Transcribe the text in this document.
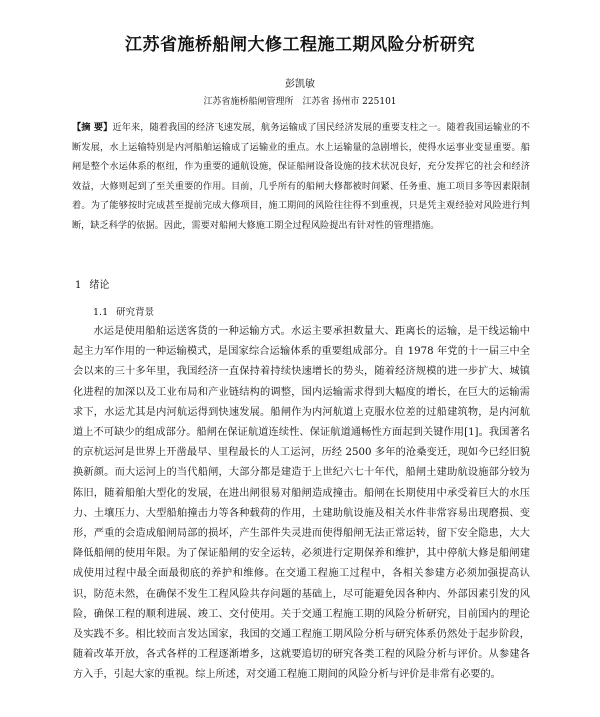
江苏省施桥船闸大修工程施工期风险分析研究
彭凯敏
江苏省施桥船闸管理所　江苏省 扬州市 225101
【摘 要】近年来，随着我国的经济飞速发展，航务运输成了国民经济发展的重要支柱之一。随着我国运输业的不断发展，水上运输特别是内河船舶运输成了运输业的重点。水上运输量的急剧增长，使得水运事业变显重要。船闸是整个水运体系的枢纽，作为重要的通航设施，保证船闸设备设施的技术状况良好，充分发挥它的社会和经济效益，大修则起到了至关重要的作用。目前，几乎所有的船闸大修都被时间紧、任务重、施工项目多等因素限制着。为了能够按时完成甚至提前完成大修项目，施工期间的风险往往得不到重视，只是凭主观经验对风险进行判断，缺乏科学的依据。因此，需要对船闸大修施工期全过程风险提出有针对性的管理措施。
1 绪论
1.1 研究背景

水运是使用船舶运送客货的一种运输方式。水运主要承担数量大、距离长的运输，是干线运输中起主力军作用的一种运输模式，是国家综合运输体系的重要组成部分。自 1978 年党的十一届三中全会以来的三十多年里，我国经济一直保持着持续快速增长的势头，随着经济规模的进一步扩大、城镇化进程的加深以及工业布局和产业链结构的调整，国内运输需求得到大幅度的增长，在巨大的运输需求下，水运尤其是内河航运得到快速发展。船闸作为内河航道上克服水位差的过船建筑物，是内河航道上不可缺少的组成部分。船闸在保证航道连续性、保证航道通畅性方面起到关键作用[1]。我国著名的京杭运河是世界上开凿最早、里程最长的人工运河，历经 2500 多年的沧桑变迁，现如今已经旧貌换新颜。而大运河上的当代船闸，大部分都是建造于上世纪六七十年代，船闸土建助航设施部分较为陈旧，随着船舶大型化的发展，在进出闸很易对船闸造成撞击。船闸在长期使用中承受着巨大的水压力、土壤压力、大型船舶撞击力等各种载荷的作用，土建助航设施及相关水件非常容易出现磨损、变形，严重的会造成船闸局部的损坏，产生部件失灵进而使得船闸无法正常运转，留下安全隐患，大大降低船闸的使用年限。为了保证船闸的安全运转，必须进行定期保养和维护，其中停航大修是船闸建成使用过程中最全面最彻底的养护和维修。在交通工程施工过程中，各相关参建方必须加强提高认识，防范未然，在确保不发生工程风险共存问题的基础上，尽可能避免因各种内、外部因素引发的风险，确保工程的顺利进展、竣工、交付使用。关于交通工程施工期的风险分析研究，目前国内的理论及实践不多。相比较而言发达国家，我国的交通工程施工期风险分析与研究体系仍然处于起步阶段，随着改革开放，各式各样的工程逐渐增多，这就要追切的研究各类工程的风险分析与评价。从参建各方入手，引起大家的重视。综上所述，对交通工程施工期间的风险分析与评价是非常有必要的。
